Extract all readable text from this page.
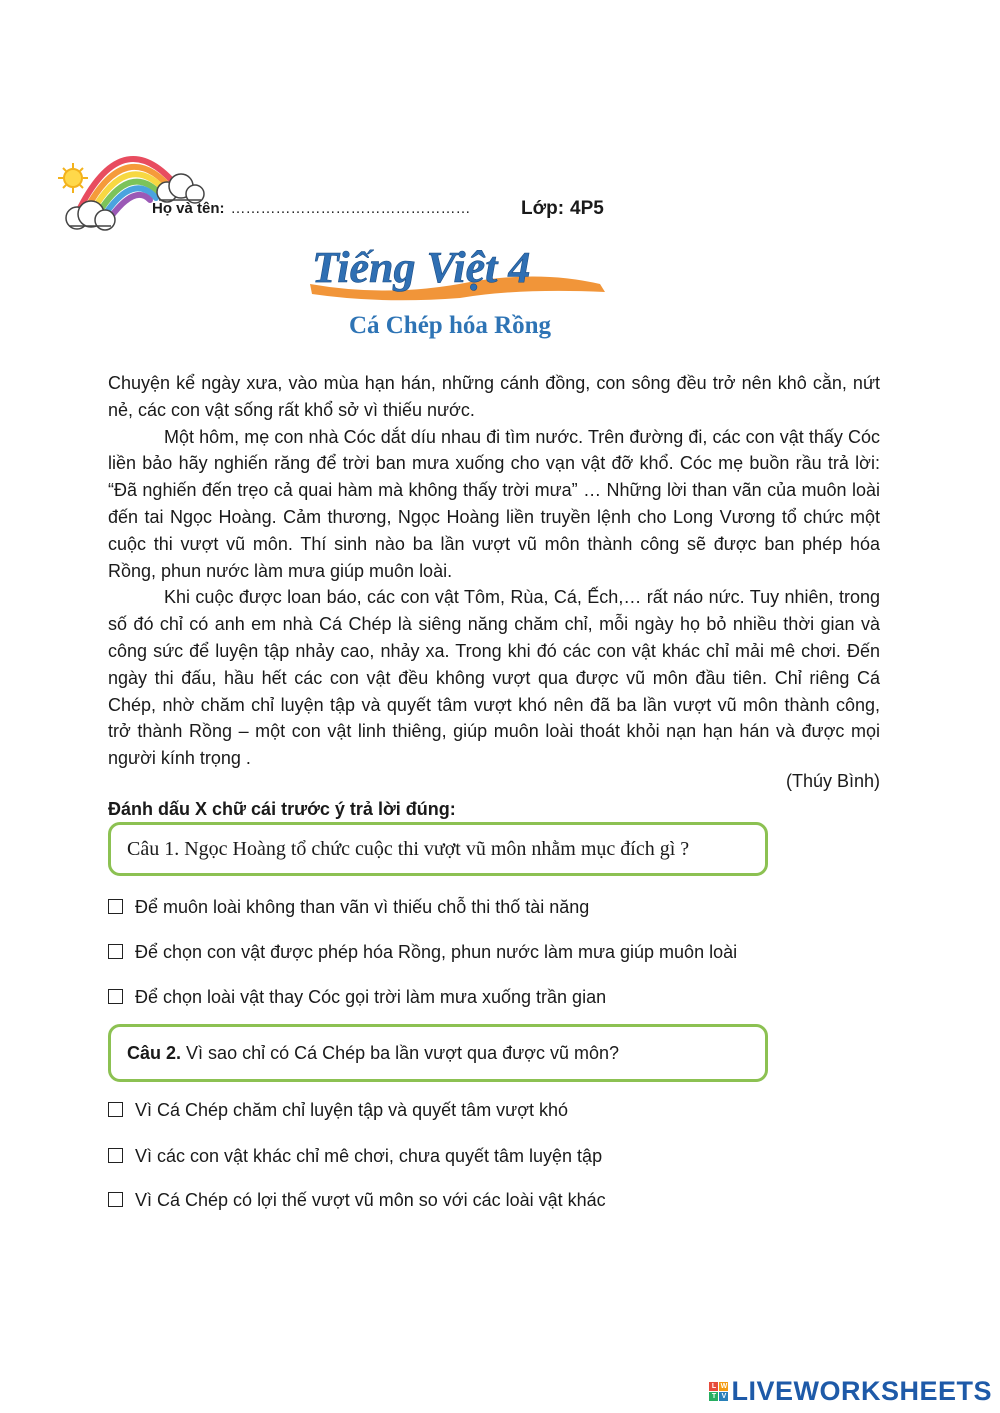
Họ và tên: …………………………………………	Lớp: 4P5
Tiếng Việt 4
Cá Chép hóa Rồng

Chuyện kể ngày xưa, vào mùa hạn hán, những cánh đồng, con sông đều trở nên khô cằn, nứt nẻ, các con vật sống rất khổ sở vì thiếu nước.

Một hôm, mẹ con nhà Cóc dắt díu nhau đi tìm nước. Trên đường đi, các con vật thấy Cóc liền bảo hãy nghiến răng để trời ban mưa xuống cho vạn vật đỡ khổ. Cóc mẹ buồn rầu trả lời: “Đã nghiến đến trẹo cả quai hàm mà không thấy trời mưa” … Những lời than vãn của muôn loài đến tai Ngọc Hoàng. Cảm thương, Ngọc Hoàng liền truyền lệnh cho Long Vương tổ chức một cuộc thi vượt vũ môn. Thí sinh nào ba lần vượt vũ môn thành công sẽ được ban phép hóa Rồng, phun nước làm mưa giúp muôn loài.

Khi cuộc được loan báo, các con vật Tôm, Rùa, Cá, Ếch,… rất náo nức. Tuy nhiên, trong số đó chỉ có anh em nhà Cá Chép là siêng năng chăm chỉ, mỗi ngày họ bỏ nhiều thời gian và công sức để luyện tập nhảy cao, nhảy xa. Trong khi đó các con vật khác chỉ mải mê chơi. Đến ngày thi đấu, hầu hết các con vật đều không vượt qua được vũ môn đầu tiên. Chỉ riêng Cá Chép, nhờ chăm chỉ luyện tập và quyết tâm vượt khó nên đã ba lần vượt vũ môn thành công, trở thành Rồng – một con vật linh thiêng, giúp muôn loài thoát khỏi nạn hạn hán và được mọi người kính trọng .

(Thúy Bình)
Đánh dấu X chữ cái trước ý trả lời đúng:
Câu 1. Ngọc Hoàng tổ chức cuộc thi vượt vũ môn nhằm mục đích gì ?
Để muôn loài không than vãn vì thiếu chỗ thi thố tài năng
Để chọn con vật được phép hóa Rồng, phun nước làm mưa giúp muôn loài
Để chọn loài vật thay Cóc gọi trời làm mưa xuống trần gian
Câu 2. Vì sao chỉ có Cá Chép ba lần vượt qua được vũ môn?
Vì Cá Chép chăm chỉ luyện tập và quyết tâm vượt khó
Vì các con vật khác chỉ mê chơi, chưa quyết tâm luyện tập
Vì Cá Chép có lợi thế vượt vũ môn so với các loài vật khác
L W
T V LIVEWORKSHEETS
